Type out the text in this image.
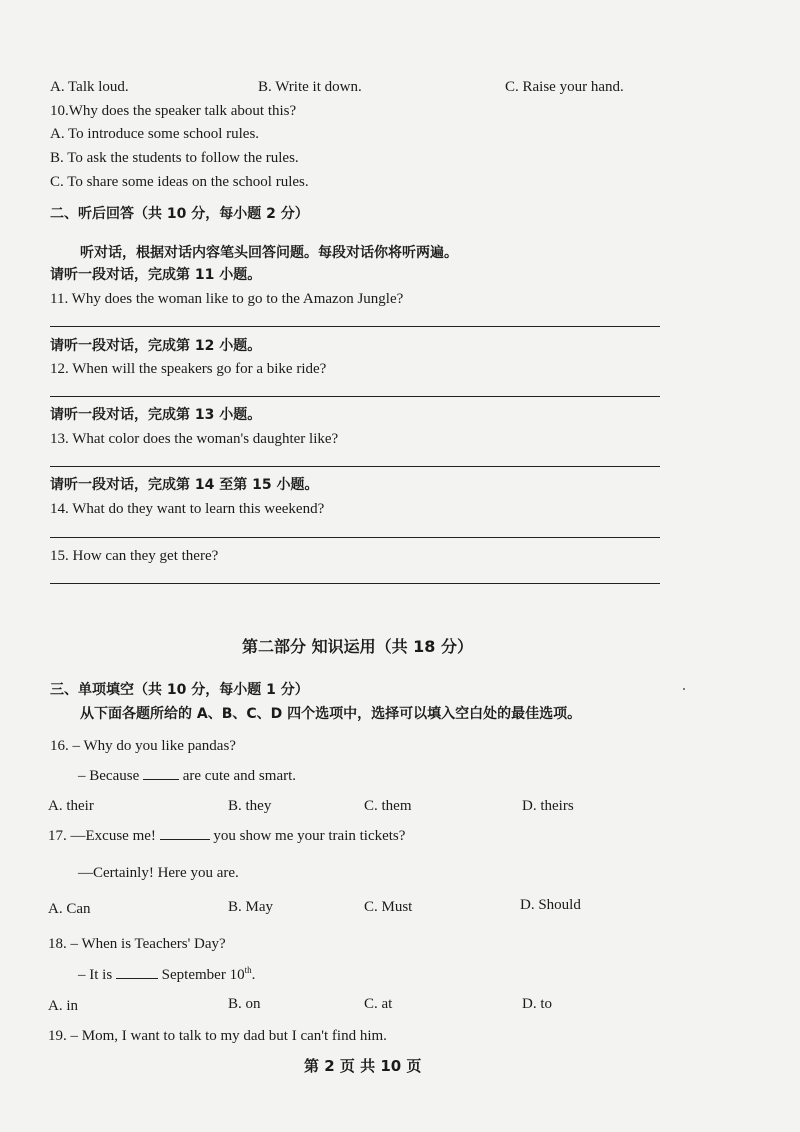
A. Talk loud.	B. Write it down.	C. Raise your hand.
10.Why does the speaker talk about this?
A. To introduce some school rules.
B. To ask the students to follow the rules.
C. To share some ideas on the school rules.
二、听后回答（共 10 分，每小题 2 分）
听对话，根据对话内容笔头回答问题。每段对话你将听两遍。
请听一段对话，完成第 11 小题。
11. Why does the woman like to go to the Amazon Jungle?
请听一段对话，完成第 12 小题。
12. When will the speakers go for a bike ride?
请听一段对话，完成第 13 小题。
13. What color does the woman's daughter like?
请听一段对话，完成第 14 至第 15 小题。
14. What do they want to learn this weekend?
15. How can they get there?
第二部分 知识运用（共 18 分）
三、单项填空（共 10 分，每小题 1 分）
从下面各题所给的 A、B、C、D 四个选项中，选择可以填入空白处的最佳选项。
16. – Why do you like pandas?
– Because	are cute and smart.
A. their	B. they	C. them	D. theirs
17. —Excuse me!	you show me your train tickets?
—Certainly! Here you are.
A. Can	B. May	C. Must	D. Should
18. – When is Teachers' Day?
– It is	September 10th.
A. in	B. on	C. at	D. to
19. – Mom, I want to talk to my dad but I can't find him.
第 2 页 共 10 页
